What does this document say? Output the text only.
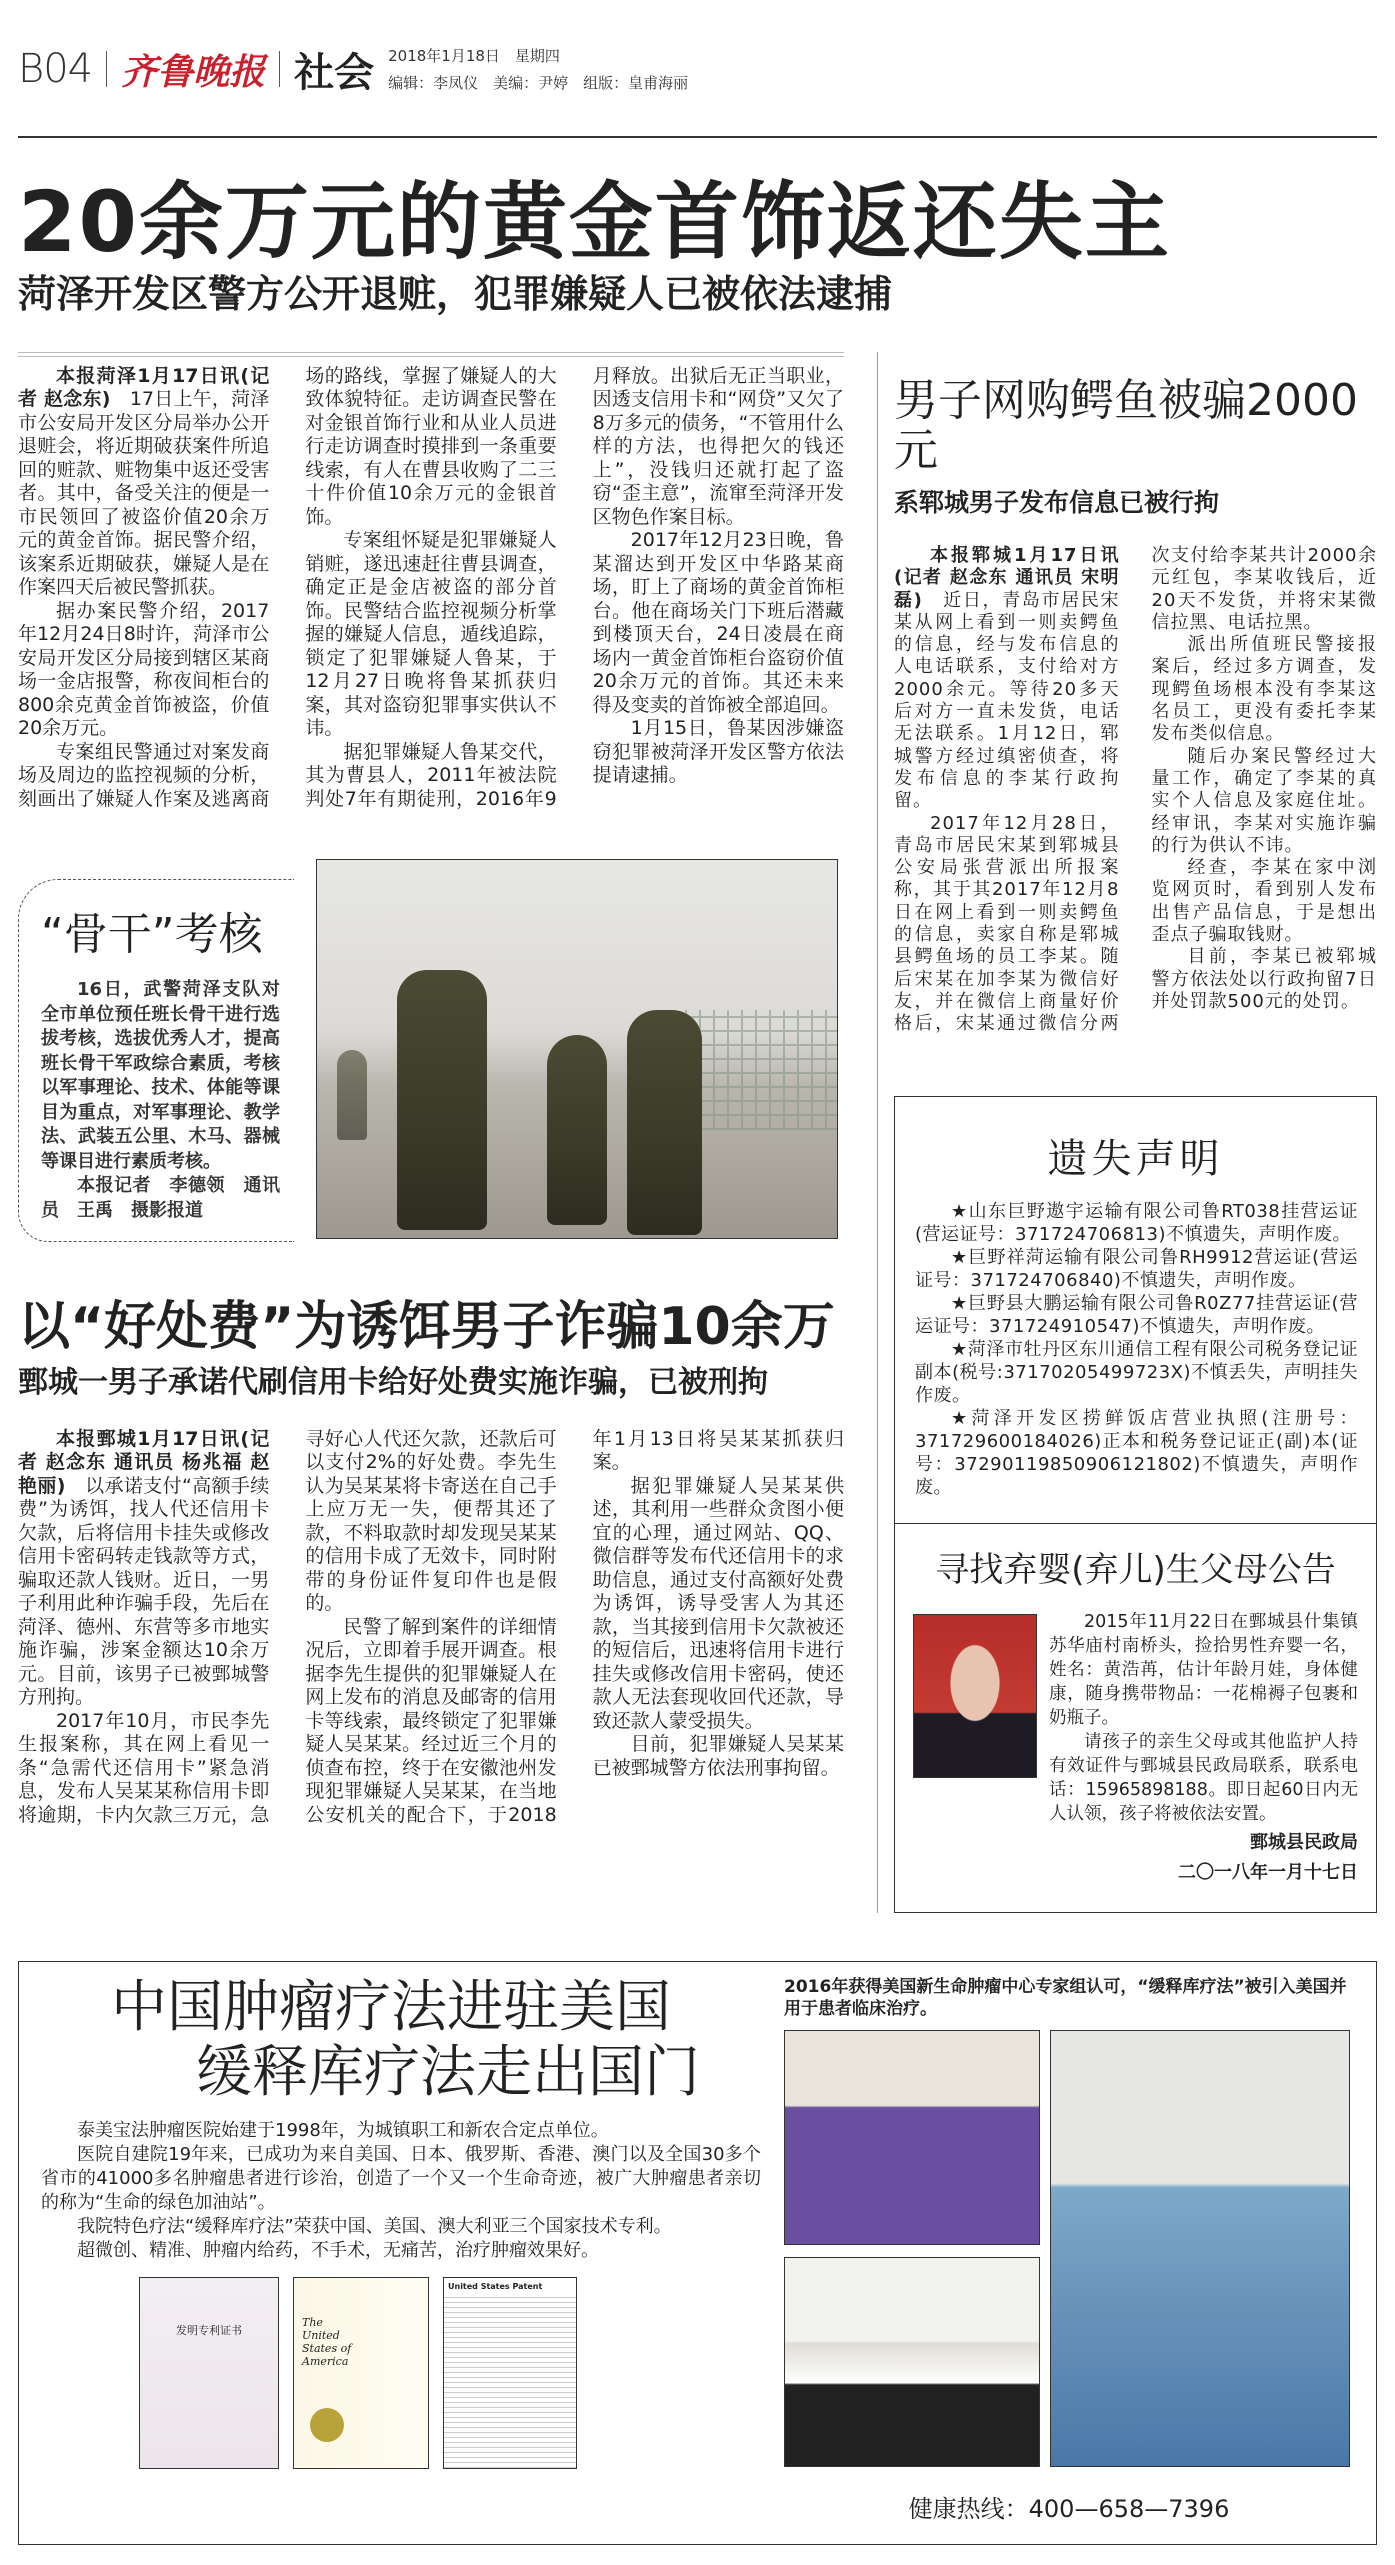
B04 齐鲁晚报 社会 2018年1月18日　星期四
编辑：李凤仪　美编：尹婷　组版：皇甫海丽
20余万元的黄金首饰返还失主
菏泽开发区警方公开退赃，犯罪嫌疑人已被依法逮捕

本报菏泽1月17日讯(记者 赵念东)　 17日上午，菏泽市公安局开发区分局举办公开退赃会，将近期破获案件所追回的赃款、赃物集中返还受害者。其中，备受关注的便是一市民领回了被盗价值20余万元的黄金首饰。据民警介绍，该案系近期破获，嫌疑人是在作案四天后被民警抓获。

据办案民警介绍，2017年12月24日8时许，菏泽市公安局开发区分局接到辖区某商场一金店报警，称夜间柜台的800余克黄金首饰被盗，价值20余万元。

专案组民警通过对案发商场及周边的监控视频的分析，刻画出了嫌疑人作案及逃离商场的路线，掌握了嫌疑人的大致体貌特征。走访调查民警在对金银首饰行业和从业人员进行走访调查时摸排到一条重要线索，有人在曹县收购了二三十件价值10余万元的金银首饰。

专案组怀疑是犯罪嫌疑人销赃，遂迅速赶往曹县调查，确定正是金店被盗的部分首饰。民警结合监控视频分析掌握的嫌疑人信息，遁线追踪，锁定了犯罪嫌疑人鲁某，于12月27日晚将鲁某抓获归案，其对盗窃犯罪事实供认不讳。

据犯罪嫌疑人鲁某交代，其为曹县人，2011年被法院判处7年有期徒刑，2016年9月释放。出狱后无正当职业，因透支信用卡和“网贷”又欠了8万多元的债务，“不管用什么样的方法，也得把欠的钱还上”，没钱归还就打起了盗窃“歪主意”，流窜至菏泽开发区物色作案目标。

2017年12月23日晚，鲁某溜达到开发区中华路某商场，盯上了商场的黄金首饰柜台。他在商场关门下班后潜藏到楼顶天台，24日凌晨在商场内一黄金首饰柜台盗窃价值20余万元的首饰。其还未来得及变卖的首饰被全部追回。

1月15日，鲁某因涉嫌盗窃犯罪被菏泽开发区警方依法提请逮捕。

“骨干”考核

16日，武警菏泽支队对全市单位预任班长骨干进行选拔考核，选拔优秀人才，提高班长骨干军政综合素质，考核以军事理论、技术、体能等课目为重点，对军事理论、教学法、武装五公里、木马、器械等课目进行素质考核。

本报记者　李德领　通讯员　王禹　摄影报道

以“好处费”为诱饵男子诈骗10余万
鄄城一男子承诺代刷信用卡给好处费实施诈骗，已被刑拘

本报鄄城1月17日讯(记者 赵念东 通讯员 杨兆福 赵艳丽)　 以承诺支付“高额手续费”为诱饵，找人代还信用卡欠款，后将信用卡挂失或修改信用卡密码转走钱款等方式，骗取还款人钱财。近日，一男子利用此种诈骗手段，先后在菏泽、德州、东营等多市地实施诈骗，涉案金额达10余万元。目前，该男子已被鄄城警方刑拘。

2017年10月，市民李先生报案称，其在网上看见一条“急需代还信用卡”紧急消息，发布人吴某某称信用卡即将逾期，卡内欠款三万元，急寻好心人代还欠款，还款后可以支付2%的好处费。李先生认为吴某某将卡寄送在自己手上应万无一失，便帮其还了款，不料取款时却发现吴某某的信用卡成了无效卡，同时附带的身份证件复印件也是假的。

民警了解到案件的详细情况后，立即着手展开调查。根据李先生提供的犯罪嫌疑人在网上发布的消息及邮寄的信用卡等线索，最终锁定了犯罪嫌疑人吴某某。经过近三个月的侦查布控，终于在安徽池州发现犯罪嫌疑人吴某某，在当地公安机关的配合下，于2018年1月13日将吴某某抓获归案。

据犯罪嫌疑人吴某某供述，其利用一些群众贪图小便宜的心理，通过网站、QQ、微信群等发布代还信用卡的求助信息，通过支付高额好处费为诱饵，诱导受害人为其还款，当其接到信用卡欠款被还的短信后，迅速将信用卡进行挂失或修改信用卡密码，使还款人无法套现收回代还款，导致还款人蒙受损失。

目前，犯罪嫌疑人吴某某已被鄄城警方依法刑事拘留。

男子网购鳄鱼被骗2000元
系郓城男子发布信息已被行拘

本报郓城1月17日讯(记者 赵念东 通讯员 宋明磊)　 近日，青岛市居民宋某从网上看到一则卖鳄鱼的信息，经与发布信息的人电话联系，支付给对方2000余元。等待20多天后对方一直未发货，电话无法联系。1月12日，郓城警方经过缜密侦查，将发布信息的李某行政拘留。

2017年12月28日，青岛市居民宋某到郓城县公安局张营派出所报案称，其于其2017年12月8日在网上看到一则卖鳄鱼的信息，卖家自称是郓城县鳄鱼场的员工李某。随后宋某在加李某为微信好友，并在微信上商量好价格后，宋某通过微信分两次支付给李某共计2000余元红包，李某收钱后，近20天不发货，并将宋某微信拉黑、电话拉黑。

派出所值班民警接报案后，经过多方调查，发现鳄鱼场根本没有李某这名员工，更没有委托李某发布类似信息。

随后办案民警经过大量工作，确定了李某的真实个人信息及家庭住址。经审讯，李某对实施诈骗的行为供认不讳。

经查，李某在家中浏览网页时，看到别人发布出售产品信息，于是想出歪点子骗取钱财。

目前，李某已被郓城警方依法处以行政拘留7日并处罚款500元的处罚。

遗失声明

★山东巨野遨宇运输有限公司鲁RT038挂营运证(营运证号：371724706813)不慎遗失，声明作废。

★巨野祥菏运输有限公司鲁RH9912营运证(营运证号：371724706840)不慎遗失，声明作废。

★巨野县大鹏运输有限公司鲁R0Z77挂营运证(营运证号：371724910547)不慎遗失，声明作废。

★菏泽市牡丹区东川通信工程有限公司税务登记证副本(税号:37170205499723X)不慎丢失，声明挂失作废。

★菏泽开发区捞鲜饭店营业执照(注册号：371729600184026)正本和税务登记证正(副)本(证号：372901198509061218​02)不慎遗失，声明作废。

寻找弃婴(弃儿)生父母公告

2015年11月22日在鄄城县什集镇苏华庙村南桥头，捡拾男性弃婴一名，姓名：黄浩苒，估计年龄月娃，身体健康，随身携带物品：一花棉褥子包裹和奶瓶子。

请孩子的亲生父母或其他监护人持有效证件与鄄城县民政局联系，联系电话：15965898188。即日起60日内无人认领，孩子将被依法安置。

鄄城县民政局
二〇一八年一月十七日
中国肿瘤疗法进驻美国
缓释库疗法走出国门

泰美宝法肿瘤医院始建于1998年，为城镇职工和新农合定点单位。

医院自建院19年来，已成功为来自美国、日本、俄罗斯、香港、澳门以及全国30多个省市的41000多名肿瘤患者进行诊治，创造了一个又一个生命奇迹，被广大肿瘤患者亲切的称为“生命的绿色加油站”。

我院特色疗法“缓释库疗法”荣获中国、美国、澳大利亚三个国家技术专利。

超微创、精准、肿瘤内给药，不手术，无痛苦，治疗肿瘤效果好。

发明专利证书
The United States of America
United States Patent
2016年获得美国新生命肿瘤中心专家组认可，“缓释库疗法”被引入美国并用于患者临床治疗。
健康热线：400—658—7396
